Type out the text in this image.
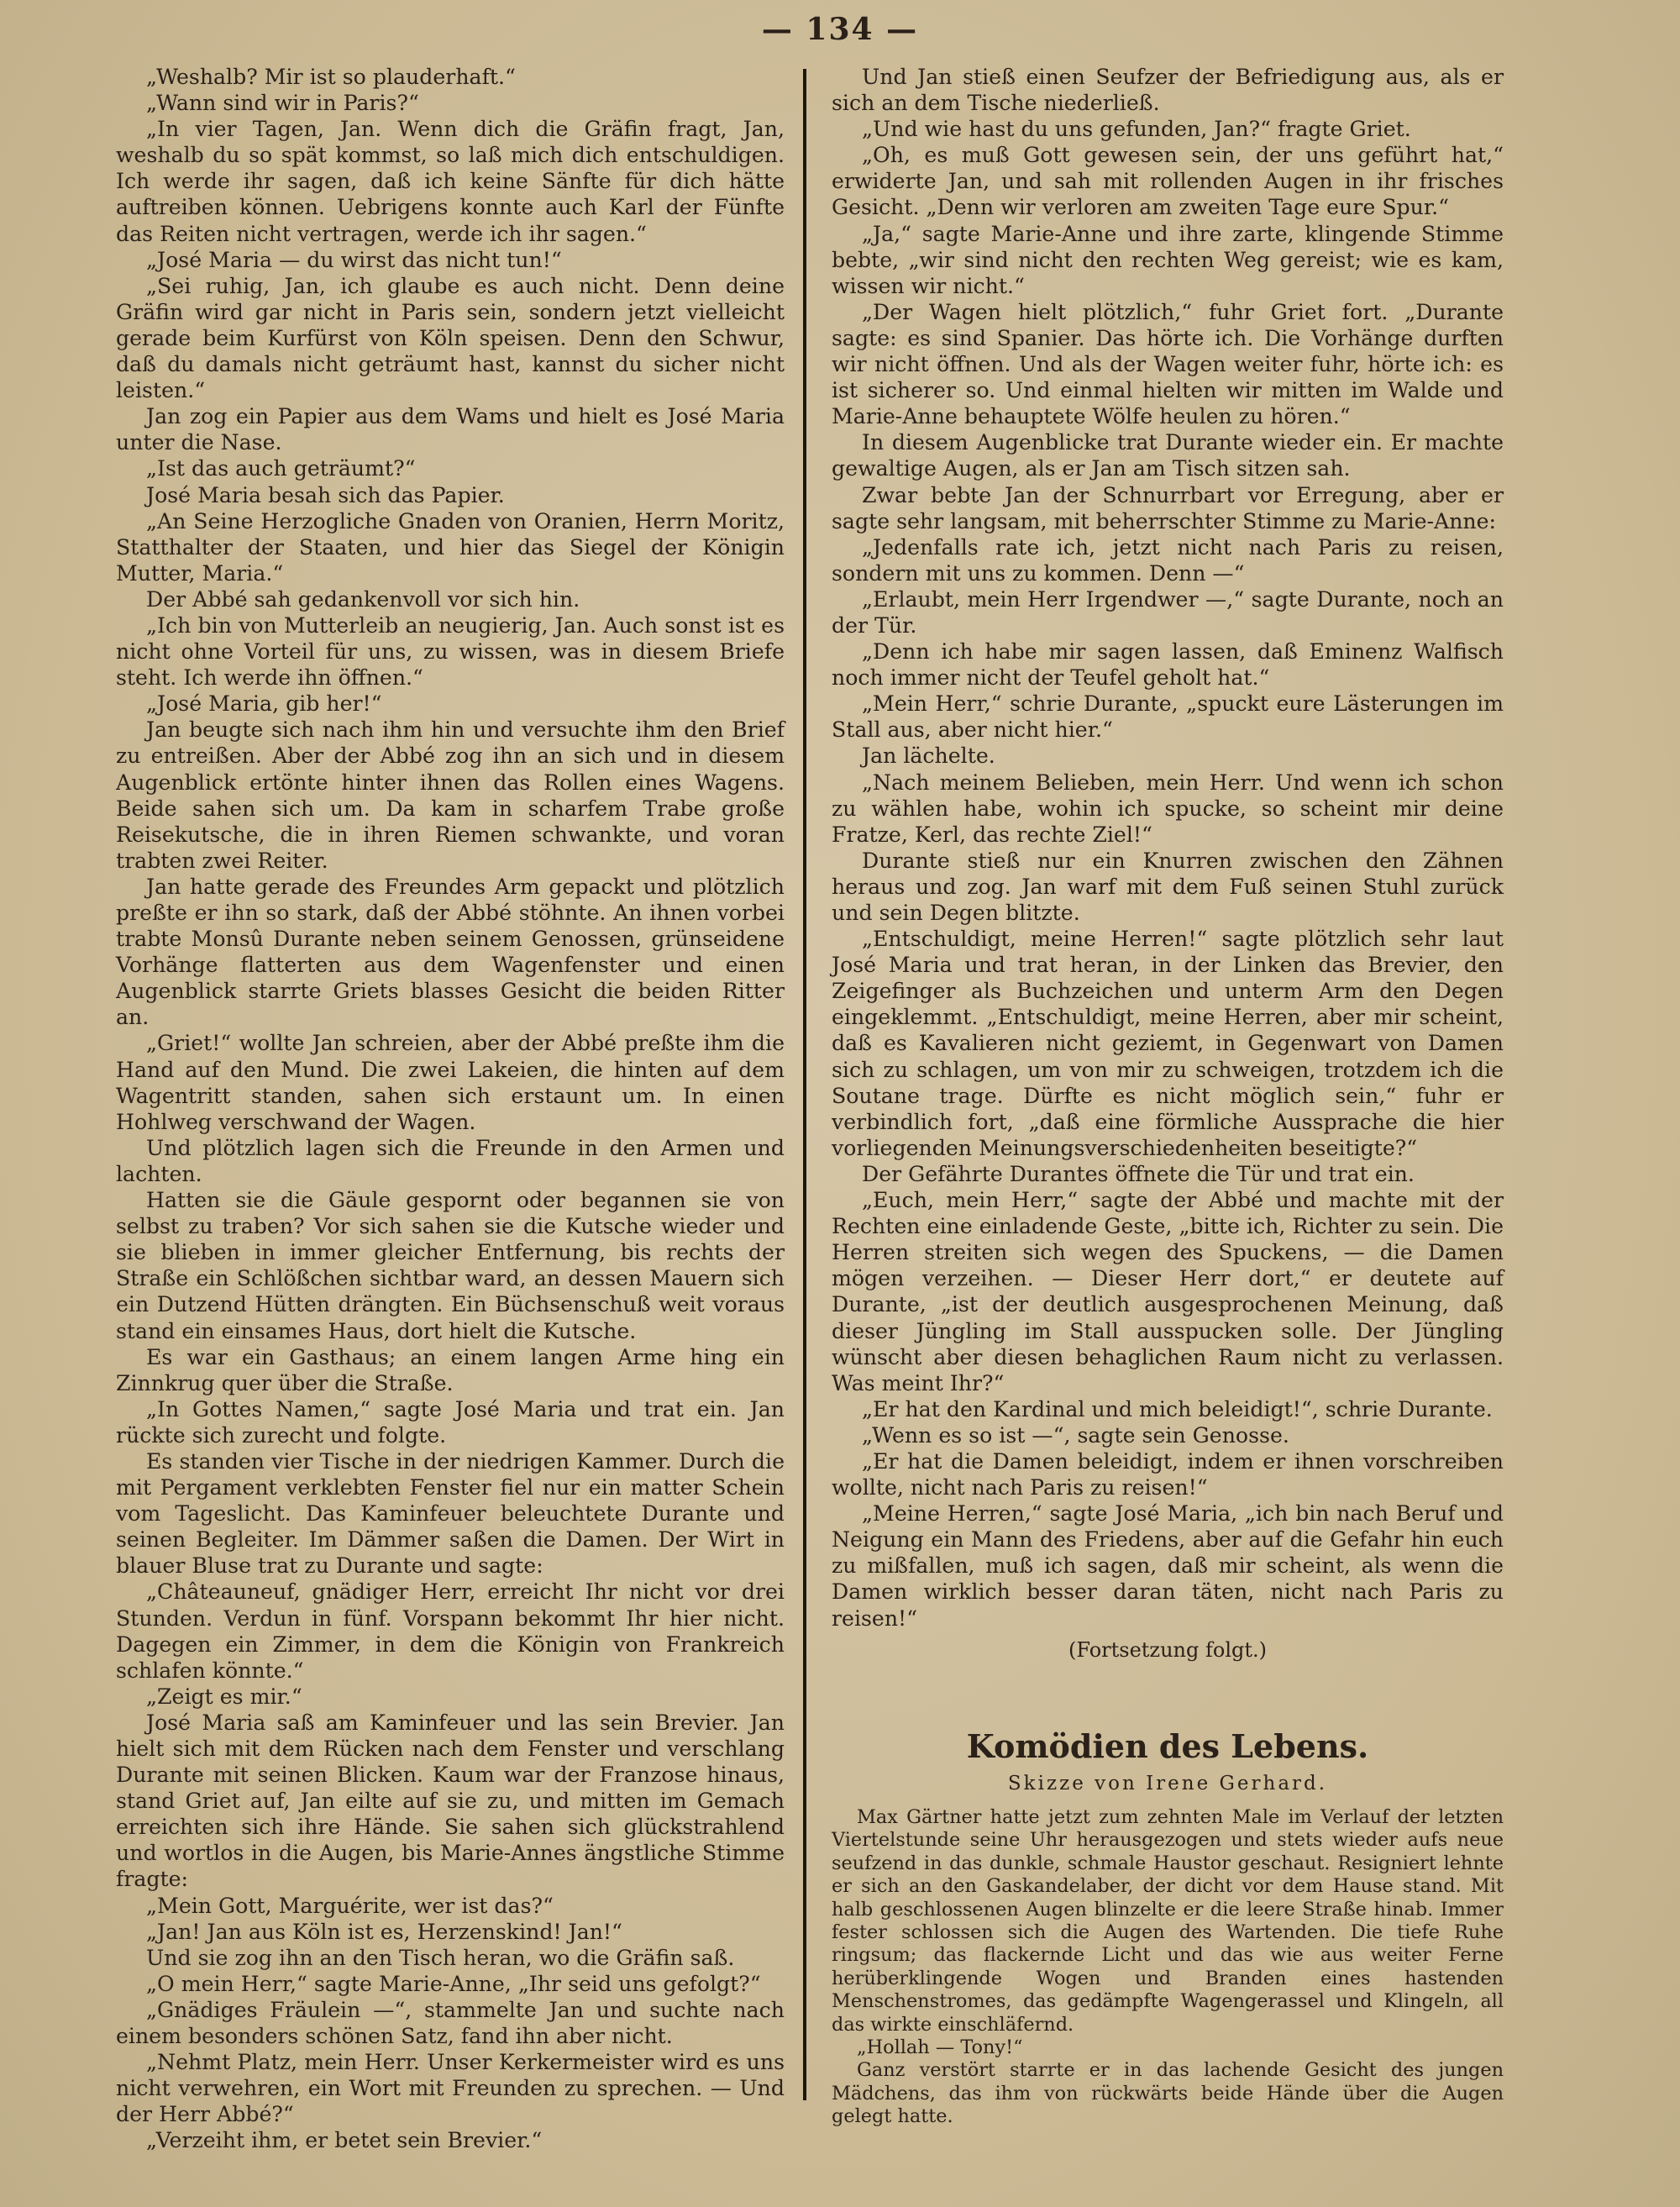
— 134 —

„Weshalb? Mir ist so plauderhaft.“

„Wann sind wir in Paris?“

„In vier Tagen, Jan. Wenn dich die Gräfin fragt, Jan, weshalb du so spät kommst, so laß mich dich entschuldigen. Ich werde ihr sagen, daß ich keine Sänfte für dich hätte auftreiben können. Uebrigens konnte auch Karl der Fünfte das Reiten nicht vertragen, werde ich ihr sagen.“

„José Maria — du wirst das nicht tun!“

„Sei ruhig, Jan, ich glaube es auch nicht. Denn deine Gräfin wird gar nicht in Paris sein, sondern jetzt vielleicht gerade beim Kurfürst von Köln speisen. Denn den Schwur, daß du damals nicht geträumt hast, kannst du sicher nicht leisten.“

Jan zog ein Papier aus dem Wams und hielt es José Maria unter die Nase.

„Ist das auch geträumt?“

José Maria besah sich das Papier.

„An Seine Herzogliche Gnaden von Oranien, Herrn Moritz, Statthalter der Staaten, und hier das Siegel der Königin Mutter, Maria.“

Der Abbé sah gedankenvoll vor sich hin.

„Ich bin von Mutterleib an neugierig, Jan. Auch sonst ist es nicht ohne Vorteil für uns, zu wissen, was in diesem Briefe steht. Ich werde ihn öffnen.“

„José Maria, gib her!“

Jan beugte sich nach ihm hin und versuchte ihm den Brief zu entreißen. Aber der Abbé zog ihn an sich und in diesem Augenblick ertönte hinter ihnen das Rollen eines Wagens. Beide sahen sich um. Da kam in scharfem Trabe große Reisekutsche, die in ihren Riemen schwankte, und voran trabten zwei Reiter.

Jan hatte gerade des Freundes Arm gepackt und plötzlich preßte er ihn so stark, daß der Abbé stöhnte. An ihnen vorbei trabte Monsû Durante neben seinem Genossen, grünseidene Vorhänge flatterten aus dem Wagenfenster und einen Augenblick starrte Griets blasses Gesicht die beiden Ritter an.

„Griet!“ wollte Jan schreien, aber der Abbé preßte ihm die Hand auf den Mund. Die zwei Lakeien, die hinten auf dem Wagentritt standen, sahen sich erstaunt um. In einen Hohlweg verschwand der Wagen.

Und plötzlich lagen sich die Freunde in den Armen und lachten.

Hatten sie die Gäule gespornt oder begannen sie von selbst zu traben? Vor sich sahen sie die Kutsche wieder und sie blieben in immer gleicher Entfernung, bis rechts der Straße ein Schlößchen sichtbar ward, an dessen Mauern sich ein Dutzend Hütten drängten. Ein Büchsenschuß weit voraus stand ein einsames Haus, dort hielt die Kutsche.

Es war ein Gasthaus; an einem langen Arme hing ein Zinnkrug quer über die Straße.

„In Gottes Namen,“ sagte José Maria und trat ein. Jan rückte sich zurecht und folgte.

Es standen vier Tische in der niedrigen Kammer. Durch die mit Pergament verklebten Fenster fiel nur ein matter Schein vom Tageslicht. Das Kaminfeuer beleuchtete Durante und seinen Begleiter. Im Dämmer saßen die Damen. Der Wirt in blauer Bluse trat zu Durante und sagte:

„Châteauneuf, gnädiger Herr, erreicht Ihr nicht vor drei Stunden. Verdun in fünf. Vorspann bekommt Ihr hier nicht. Dagegen ein Zimmer, in dem die Königin von Frankreich schlafen könnte.“

„Zeigt es mir.“

José Maria saß am Kaminfeuer und las sein Brevier. Jan hielt sich mit dem Rücken nach dem Fenster und verschlang Durante mit seinen Blicken. Kaum war der Franzose hinaus, stand Griet auf, Jan eilte auf sie zu, und mitten im Gemach erreichten sich ihre Hände. Sie sahen sich glückstrahlend und wortlos in die Augen, bis Marie-Annes ängstliche Stimme fragte:

„Mein Gott, Marguérite, wer ist das?“

„Jan! Jan aus Köln ist es, Herzenskind! Jan!“

Und sie zog ihn an den Tisch heran, wo die Gräfin saß.

„O mein Herr,“ sagte Marie-Anne, „Ihr seid uns gefolgt?“

„Gnädiges Fräulein —“, stammelte Jan und suchte nach einem besonders schönen Satz, fand ihn aber nicht.

„Nehmt Platz, mein Herr. Unser Kerkermeister wird es uns nicht verwehren, ein Wort mit Freunden zu sprechen. — Und der Herr Abbé?“

„Verzeiht ihm, er betet sein Brevier.“

Und Jan stieß einen Seufzer der Befriedigung aus, als er sich an dem Tische niederließ.

„Und wie hast du uns gefunden, Jan?“ fragte Griet.

„Oh, es muß Gott gewesen sein, der uns geführt hat,“ erwiderte Jan, und sah mit rollenden Augen in ihr frisches Gesicht. „Denn wir verloren am zweiten Tage eure Spur.“

„Ja,“ sagte Marie-Anne und ihre zarte, klingende Stimme bebte, „wir sind nicht den rechten Weg gereist; wie es kam, wissen wir nicht.“

„Der Wagen hielt plötzlich,“ fuhr Griet fort. „Durante sagte: es sind Spanier. Das hörte ich. Die Vorhänge durften wir nicht öffnen. Und als der Wagen weiter fuhr, hörte ich: es ist sicherer so. Und einmal hielten wir mitten im Walde und Marie-Anne behauptete Wölfe heulen zu hören.“

In diesem Augenblicke trat Durante wieder ein. Er machte gewaltige Augen, als er Jan am Tisch sitzen sah.

Zwar bebte Jan der Schnurrbart vor Erregung, aber er sagte sehr langsam, mit beherrschter Stimme zu Marie-Anne:

„Jedenfalls rate ich, jetzt nicht nach Paris zu reisen, sondern mit uns zu kommen. Denn —“

„Erlaubt, mein Herr Irgendwer —,“ sagte Durante, noch an der Tür.

„Denn ich habe mir sagen lassen, daß Eminenz Walfisch noch immer nicht der Teufel geholt hat.“

„Mein Herr,“ schrie Durante, „spuckt eure Lästerungen im Stall aus, aber nicht hier.“

Jan lächelte.

„Nach meinem Belieben, mein Herr. Und wenn ich schon zu wählen habe, wohin ich spucke, so scheint mir deine Fratze, Kerl, das rechte Ziel!“

Durante stieß nur ein Knurren zwischen den Zähnen heraus und zog. Jan warf mit dem Fuß seinen Stuhl zurück und sein Degen blitzte.

„Entschuldigt, meine Herren!“ sagte plötzlich sehr laut José Maria und trat heran, in der Linken das Brevier, den Zeigefinger als Buchzeichen und unterm Arm den Degen eingeklemmt. „Entschuldigt, meine Herren, aber mir scheint, daß es Kavalieren nicht geziemt, in Gegenwart von Damen sich zu schlagen, um von mir zu schweigen, trotzdem ich die Soutane trage. Dürfte es nicht möglich sein,“ fuhr er verbindlich fort, „daß eine förmliche Aussprache die hier vorliegenden Meinungsverschiedenheiten beseitigte?“

Der Gefährte Durantes öffnete die Tür und trat ein.

„Euch, mein Herr,“ sagte der Abbé und machte mit der Rechten eine einladende Geste, „bitte ich, Richter zu sein. Die Herren streiten sich wegen des Spuckens, — die Damen mögen verzeihen. — Dieser Herr dort,“ er deutete auf Durante, „ist der deutlich ausgesprochenen Meinung, daß dieser Jüngling im Stall ausspucken solle. Der Jüngling wünscht aber diesen behaglichen Raum nicht zu verlassen. Was meint Ihr?“

„Er hat den Kardinal und mich beleidigt!“, schrie Durante.

„Wenn es so ist —“, sagte sein Genosse.

„Er hat die Damen beleidigt, indem er ihnen vorschreiben wollte, nicht nach Paris zu reisen!“

„Meine Herren,“ sagte José Maria, „ich bin nach Beruf und Neigung ein Mann des Friedens, aber auf die Gefahr hin euch zu mißfallen, muß ich sagen, daß mir scheint, als wenn die Damen wirklich besser daran täten, nicht nach Paris zu reisen!“

(Fortsetzung folgt.)
Komödien des Lebens.
Skizze von Irene Gerhard.

Max Gärtner hatte jetzt zum zehnten Male im Verlauf der letzten Viertelstunde seine Uhr herausgezogen und stets wieder aufs neue seufzend in das dunkle, schmale Haustor geschaut. Resigniert lehnte er sich an den Gaskandelaber, der dicht vor dem Hause stand. Mit halb geschlossenen Augen blinzelte er die leere Straße hinab. Immer fester schlossen sich die Augen des Wartenden. Die tiefe Ruhe ringsum; das flackernde Licht und das wie aus weiter Ferne herüberklingende Wogen und Branden eines hastenden Menschenstromes, das gedämpfte Wagengerassel und Klingeln, all das wirkte einschläfernd.

„Hollah — Tony!“

Ganz verstört starrte er in das lachende Gesicht des jungen Mädchens, das ihm von rückwärts beide Hände über die Augen gelegt hatte.
